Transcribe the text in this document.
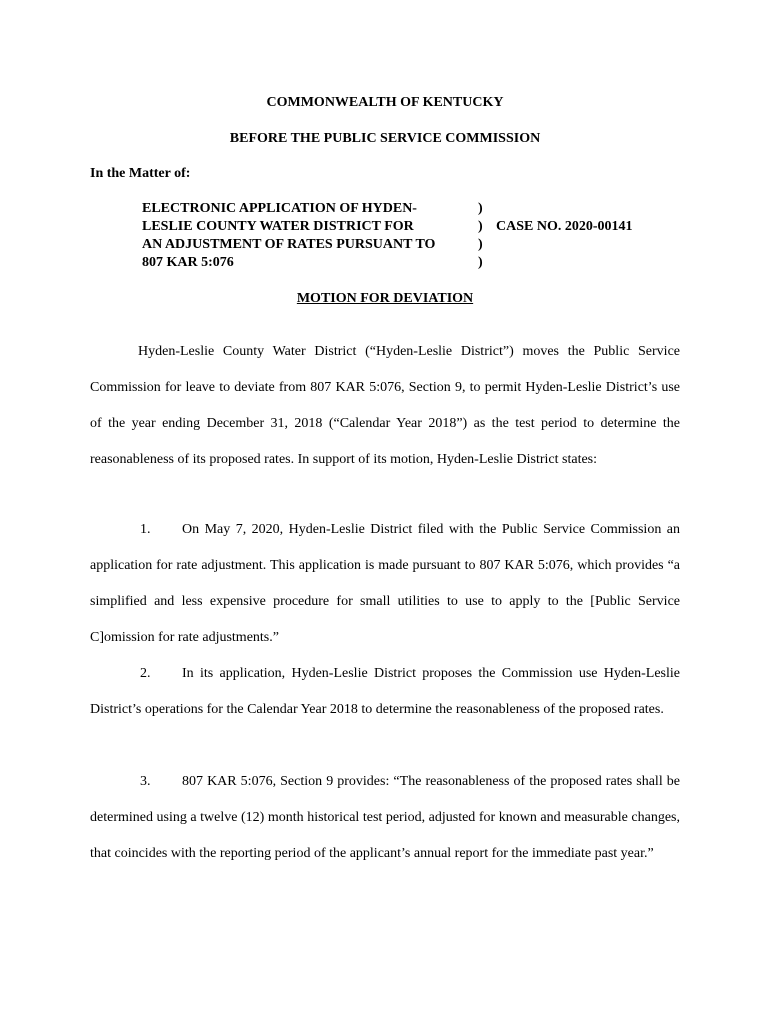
COMMONWEALTH OF KENTUCKY
BEFORE THE PUBLIC SERVICE COMMISSION
In the Matter of:
ELECTRONIC APPLICATION OF HYDEN-
LESLIE COUNTY WATER DISTRICT FOR
AN ADJUSTMENT OF RATES PURSUANT TO
807 KAR 5:076
)
)
)
)
CASE NO. 2020-00141
MOTION FOR DEVIATION
Hyden-Leslie County Water District (“Hyden-Leslie District”) moves the Public Service Commission for leave to deviate from 807 KAR 5:076, Section 9, to permit Hyden-Leslie District’s use of the year ending December 31, 2018 (“Calendar Year 2018”) as the test period to determine the reasonableness of its proposed rates. In support of its motion, Hyden-Leslie District states:
1. On May 7, 2020, Hyden-Leslie District filed with the Public Service Commission an application for rate adjustment. This application is made pursuant to 807 KAR 5:076, which provides “a simplified and less expensive procedure for small utilities to use to apply to the [Public Service C]omission for rate adjustments.”
2. In its application, Hyden-Leslie District proposes the Commission use Hyden-Leslie District’s operations for the Calendar Year 2018 to determine the reasonableness of the proposed rates.
3. 807 KAR 5:076, Section 9 provides: “The reasonableness of the proposed rates shall be determined using a twelve (12) month historical test period, adjusted for known and measurable changes, that coincides with the reporting period of the applicant’s annual report for the immediate past year.”
